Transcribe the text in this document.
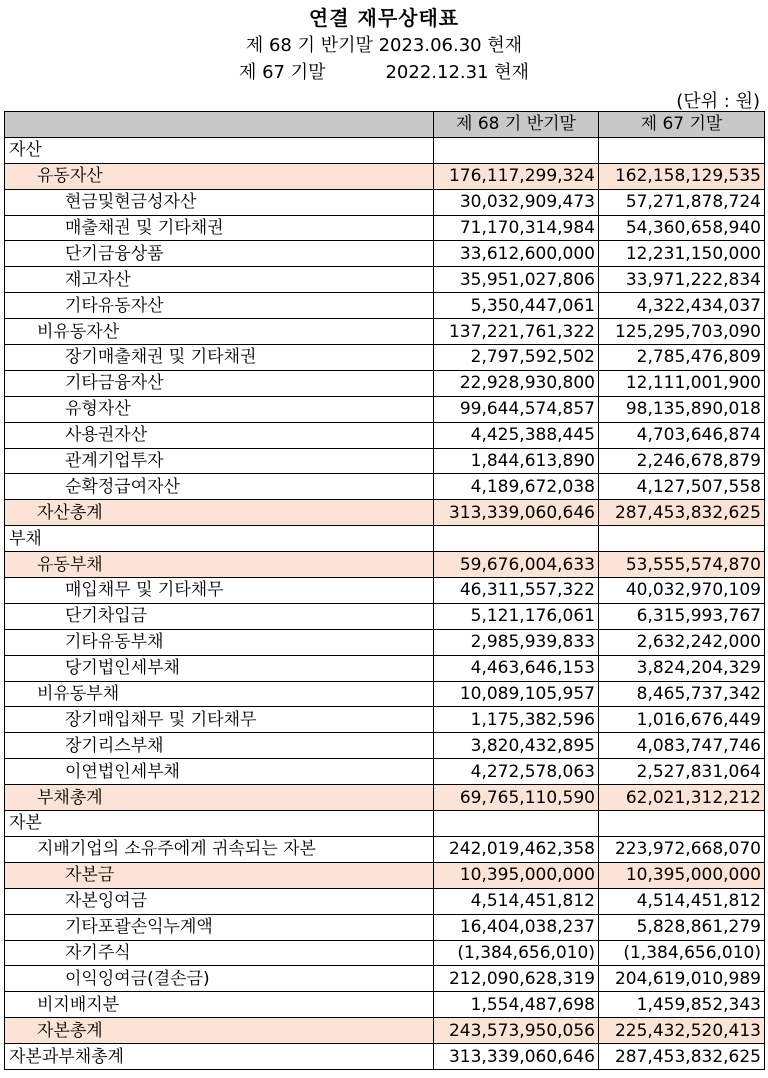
연결 재무상태표
제 68 기 반기말 2023.06.30 현재
제 67 기말	2022.12.31 현재
(단위 : 원)
	제 68 기 반기말	제 67 기말
자산		
유동자산	176,117,299,324	162,158,129,535
현금및현금성자산	30,032,909,473	57,271,878,724
매출채권 및 기타채권	71,170,314,984	54,360,658,940
단기금융상품	33,612,600,000	12,231,150,000
재고자산	35,951,027,806	33,971,222,834
기타유동자산	5,350,447,061	4,322,434,037
비유동자산	137,221,761,322	125,295,703,090
장기매출채권 및 기타채권	2,797,592,502	2,785,476,809
기타금융자산	22,928,930,800	12,111,001,900
유형자산	99,644,574,857	98,135,890,018
사용권자산	4,425,388,445	4,703,646,874
관계기업투자	1,844,613,890	2,246,678,879
순확정급여자산	4,189,672,038	4,127,507,558
자산총계	313,339,060,646	287,453,832,625
부채		
유동부채	59,676,004,633	53,555,574,870
매입채무 및 기타채무	46,311,557,322	40,032,970,109
단기차입금	5,121,176,061	6,315,993,767
기타유동부채	2,985,939,833	2,632,242,000
당기법인세부채	4,463,646,153	3,824,204,329
비유동부채	10,089,105,957	8,465,737,342
장기매입채무 및 기타채무	1,175,382,596	1,016,676,449
장기리스부채	3,820,432,895	4,083,747,746
이연법인세부채	4,272,578,063	2,527,831,064
부채총계	69,765,110,590	62,021,312,212
자본		
지배기업의 소유주에게 귀속되는 자본	242,019,462,358	223,972,668,070
자본금	10,395,000,000	10,395,000,000
자본잉여금	4,514,451,812	4,514,451,812
기타포괄손익누계액	16,404,038,237	5,828,861,279
자기주식	(1,384,656,010)	(1,384,656,010)
이익잉여금(결손금)	212,090,628,319	204,619,010,989
비지배지분	1,554,487,698	1,459,852,343
자본총계	243,573,950,056	225,432,520,413
자본과부채총계	313,339,060,646	287,453,832,625
